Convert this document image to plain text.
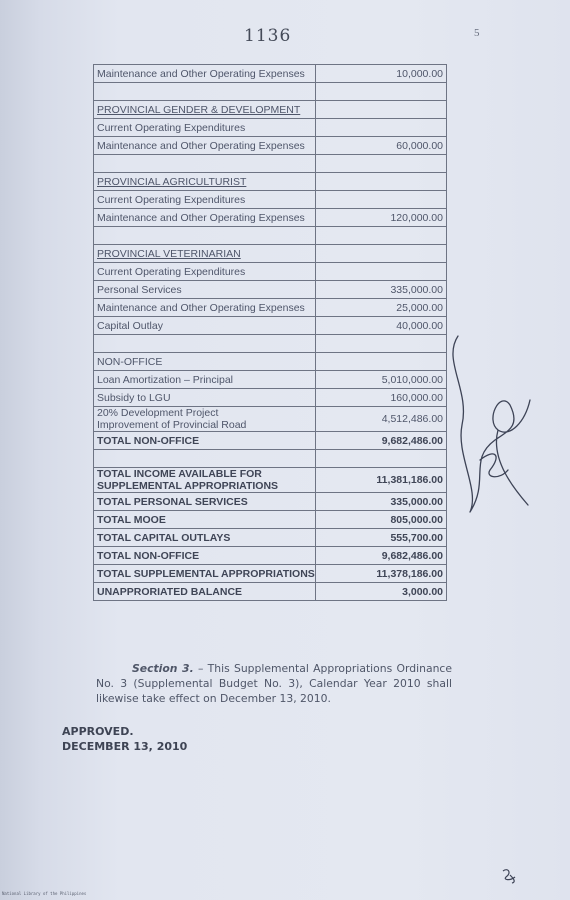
1136	5
Maintenance and Other Operating Expenses	10,000.00

PROVINCIAL GENDER & DEVELOPMENT	
Current Operating Expenditures	
Maintenance and Other Operating Expenses	60,000.00

PROVINCIAL AGRICULTURIST	
Current Operating Expenditures	
Maintenance and Other Operating Expenses	120,000.00

PROVINCIAL VETERINARIAN	
Current Operating Expenditures	
Personal Services	335,000.00
Maintenance and Other Operating Expenses	25,000.00
Capital Outlay	40,000.00

NON-OFFICE	
Loan Amortization – Principal	5,010,000.00
Subsidy to LGU	160,000.00
20% Development Project
Improvement of Provincial Road	4,512,486.00
TOTAL NON-OFFICE	9,682,486.00

TOTAL INCOME AVAILABLE FOR
SUPPLEMENTAL APPROPRIATIONS	11,381,186.00
TOTAL PERSONAL SERVICES	335,000.00
TOTAL MOOE	805,000.00
TOTAL CAPITAL OUTLAYS	555,700.00
TOTAL NON-OFFICE	9,682,486.00
TOTAL SUPPLEMENTAL APPROPRIATIONS	11,378,186.00
UNAPPRORIATED BALANCE	3,000.00

Section 3. – This Supplemental Appropriations Ordinance No. 3 (Supplemental Budget No. 3), Calendar Year 2010 shall likewise take effect on December 13, 2010.

APPROVED.
DECEMBER 13, 2010
National Library of the Philippines
